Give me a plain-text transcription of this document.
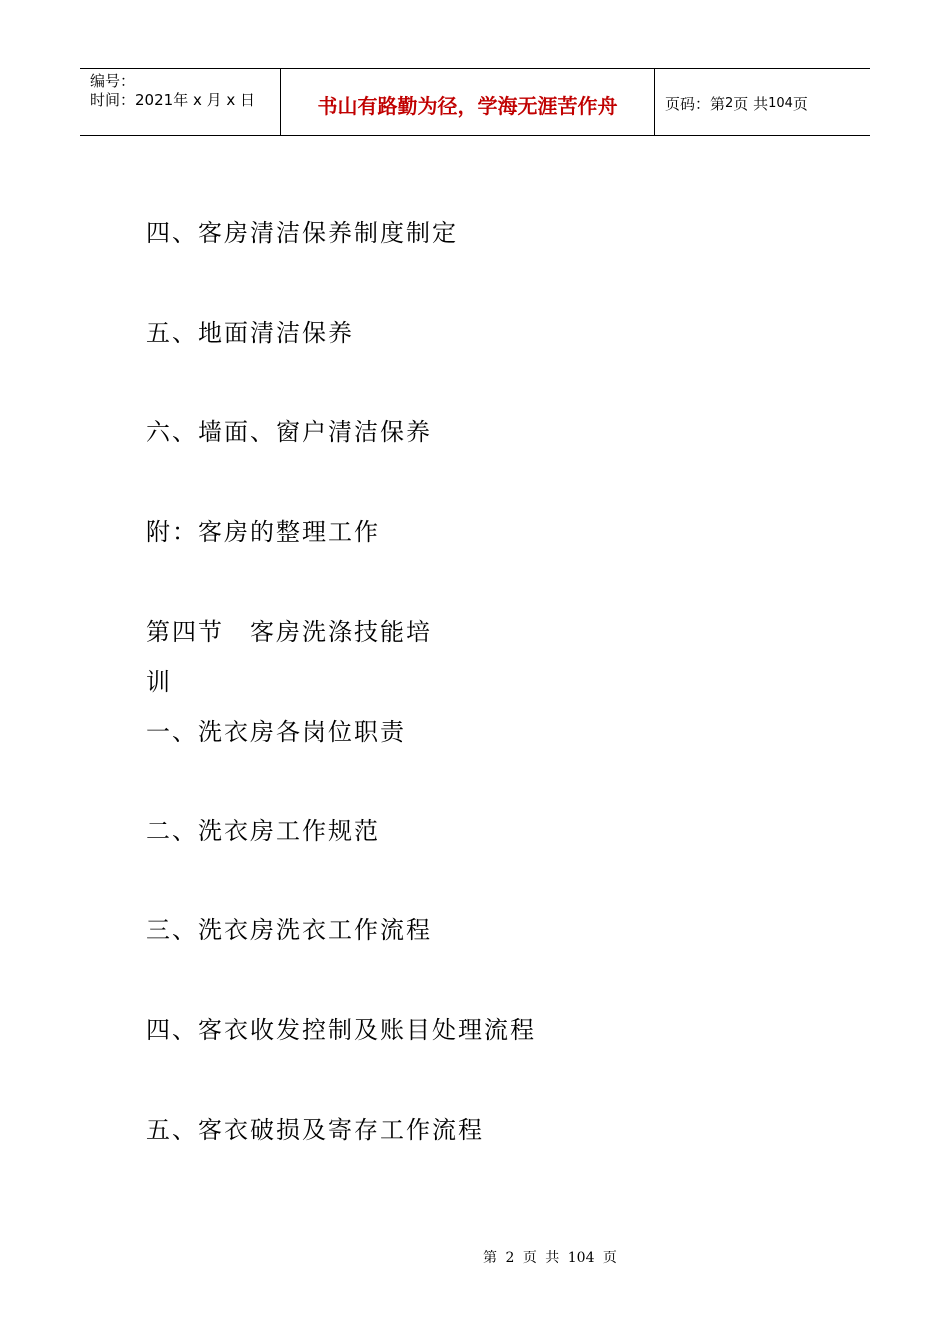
编号：
时间：2021年 x 月 x 日	书山有路勤为径，学海无涯苦作舟	页码：第 2 页 共 104 页
四、客房清洁保养制度制定
五、地面清洁保养
六、墙面、窗户清洁保养
附：客房的整理工作
第四节　客房洗涤技能培
训
一、洗衣房各岗位职责
二、洗衣房工作规范
三、洗衣房洗衣工作流程
四、客衣收发控制及账目处理流程
五、客衣破损及寄存工作流程
第 2 页 共 104 页
